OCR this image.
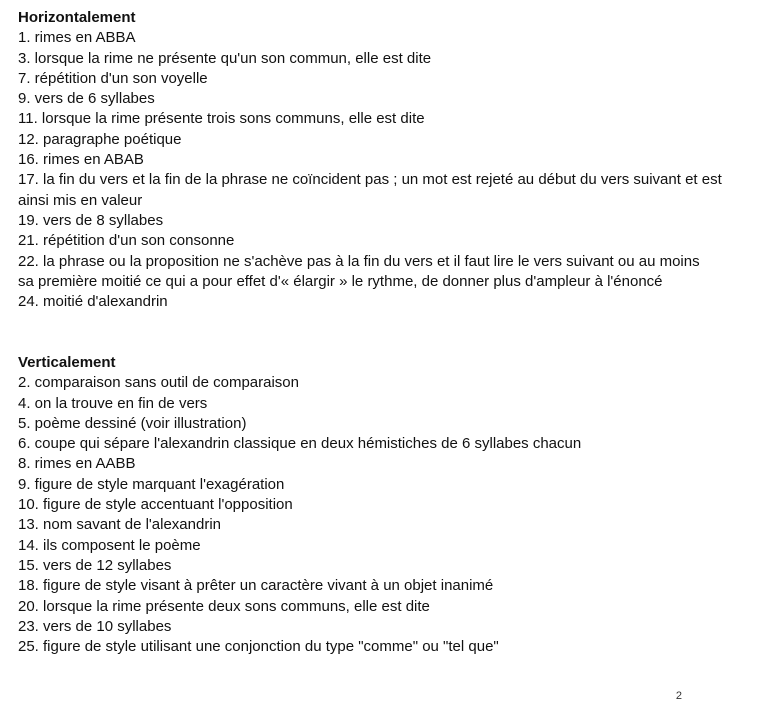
Horizontalement

1. rimes en ABBA

3. lorsque la rime ne présente qu'un son commun, elle est dite

7. répétition d'un son voyelle

9. vers de 6 syllabes

11. lorsque la rime présente trois sons communs, elle est dite

12. paragraphe poétique

16. rimes en ABAB

17. la fin du vers et la fin de la phrase ne coïncident pas ; un mot est rejeté au début du vers suivant et est ainsi mis en valeur

19. vers de 8 syllabes

21. répétition d'un son consonne

22. la phrase ou la proposition ne s'achève pas à la fin du vers et il faut lire le vers suivant ou au moins sa première moitié ce qui a pour effet d'« élargir » le rythme, de donner plus d'ampleur à l'énoncé

24. moitié d'alexandrin

Verticalement

2. comparaison sans outil de comparaison

4. on la trouve en fin de vers

5. poème dessiné (voir illustration)

6. coupe qui sépare l'alexandrin classique en deux hémistiches de 6 syllabes chacun

8. rimes en AABB

9. figure de style marquant l'exagération

10. figure de style accentuant l'opposition

13. nom savant de l'alexandrin

14. ils composent le poème

15. vers de 12 syllabes

18. figure de style visant à prêter un caractère vivant à un objet inanimé

20. lorsque la rime présente deux sons communs, elle est dite

23. vers de 10 syllabes

25. figure de style utilisant une conjonction du type "comme" ou "tel que"

2
